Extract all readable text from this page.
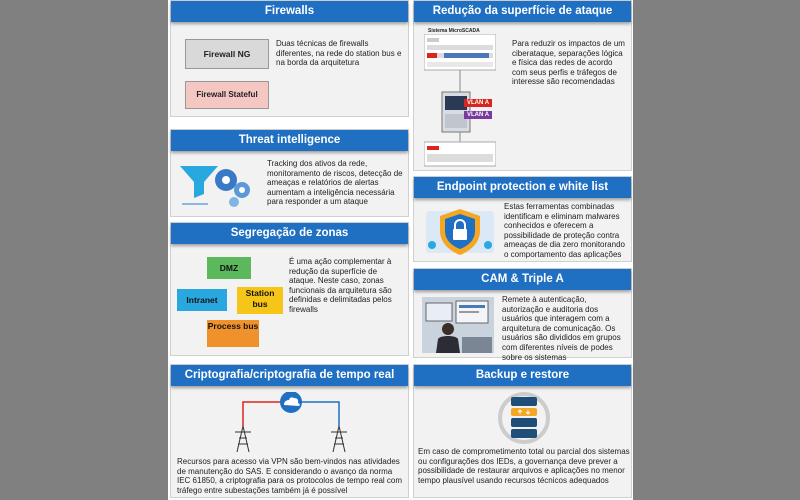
Firewalls
Firewall NG
Firewall Stateful
Duas técnicas de firewalls diferentes, na rede do station bus e na borda da arquitetura
Redução da superfície de ataque
Sistema MicroSCADA
VLAN A
VLAN A
Para reduzir os impactos de um ciberataque, separações lógica e física das redes de acordo com seus perfis e tráfegos de interesse são recomendadas
Threat intelligence
Tracking dos ativos da rede, monitoramento de riscos, detecção de ameaças e relatórios de alertas aumentam a inteligência necessária para responder a um ataque
Endpoint protection e white list
Estas ferramentas combinadas identificam e eliminam malwares conhecidos e oferecem a possibilidade de proteção contra ameaças de dia zero monitorando o comportamento das aplicações
Segregação de zonas
DMZ
Intranet
Station bus
Process bus
É uma ação complementar à redução da superfície de ataque. Neste caso, zonas funcionais da arquitetura são definidas e delimitadas pelos firewalls
CAM & Triple A
Remete à autenticação, autorização e auditoria dos usuários que interagem com a arquitetura de comunicação. Os usuários são divididos em grupos com diferentes níveis de podes sobre os sistemas
Criptografia/criptografia de tempo real
Recursos para acesso via VPN são bem-vindos nas atividades de manutenção do SAS. E considerando o avanço da norma IEC 61850, a criptografia para os protocolos de tempo real com tráfego entre subestações também já é possível
Backup e restore
Em caso de comprometimento total ou parcial dos sistemas ou configurações dos IEDs, a governança deve prever a possibilidade de restaurar arquivos e aplicações no menor tempo plausível usando recursos técnicos adequados
